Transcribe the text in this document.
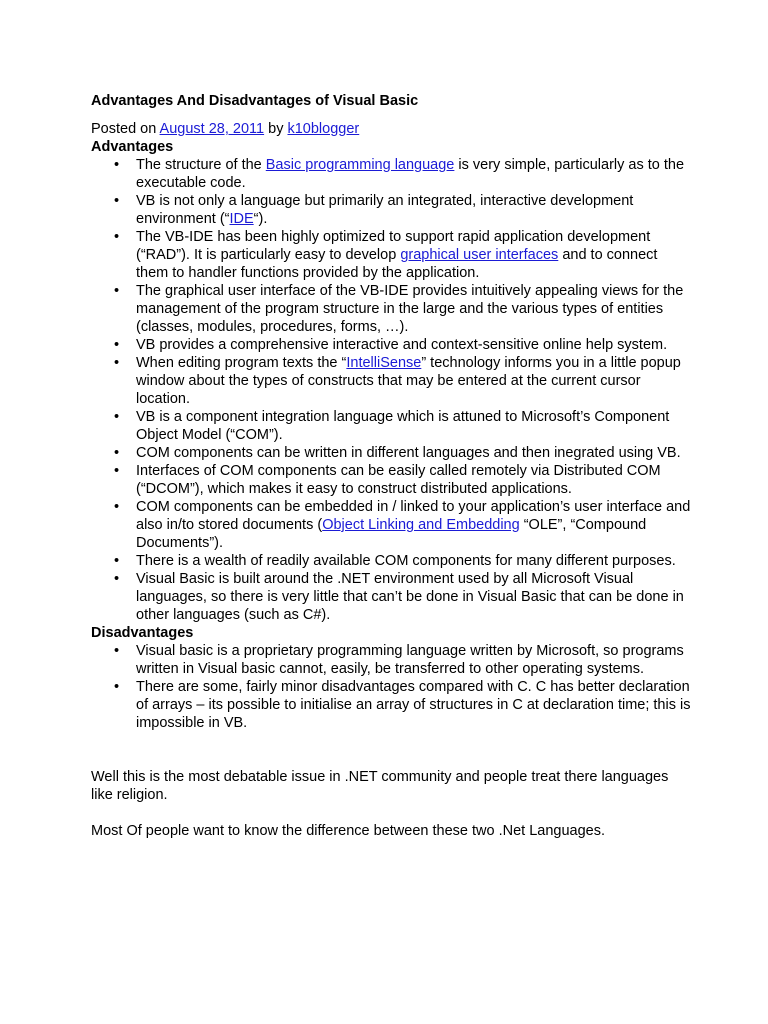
Advantages And Disadvantages of Visual Basic
Posted on August 28, 2011 by k10blogger
Advantages
• The structure of the Basic programming language is very simple, particularly as to the executable code.
• VB is not only a language but primarily an integrated, interactive development environment (“IDE“).
• The VB-IDE has been highly optimized to support rapid application development (“RAD”). It is particularly easy to develop graphical user interfaces and to connect them to handler functions provided by the application.
• The graphical user interface of the VB-IDE provides intuitively appealing views for the management of the program structure in the large and the various types of entities (classes, modules, procedures, forms, …).
• VB provides a comprehensive interactive and context-sensitive online help system.
• When editing program texts the “IntelliSense” technology informs you in a little popup window about the types of constructs that may be entered at the current cursor location.
• VB is a component integration language which is attuned to Microsoft’s Component Object Model (“COM”).
• COM components can be written in different languages and then inegrated using VB.
• Interfaces of COM components can be easily called remotely via Distributed COM (“DCOM”), which makes it easy to construct distributed applications.
• COM components can be embedded in / linked to your application’s user interface and also in/to stored documents (Object Linking and Embedding “OLE”, “Compound Documents”).
• There is a wealth of readily available COM components for many different purposes.
• Visual Basic is built around the .NET environment used by all Microsoft Visual languages, so there is very little that can’t be done in Visual Basic that can be done in other languages (such as C#).
Disadvantages
• Visual basic is a proprietary programming language written by Microsoft, so programs written in Visual basic cannot, easily, be transferred to other operating systems.
• There are some, fairly minor disadvantages compared with C. C has better declaration of arrays – its possible to initialise an array of structures in C at declaration time; this is impossible in VB.
Well this is the most debatable issue in .NET community and people treat there languages like religion.
Most Of people want to know the difference between these two .Net Languages.
